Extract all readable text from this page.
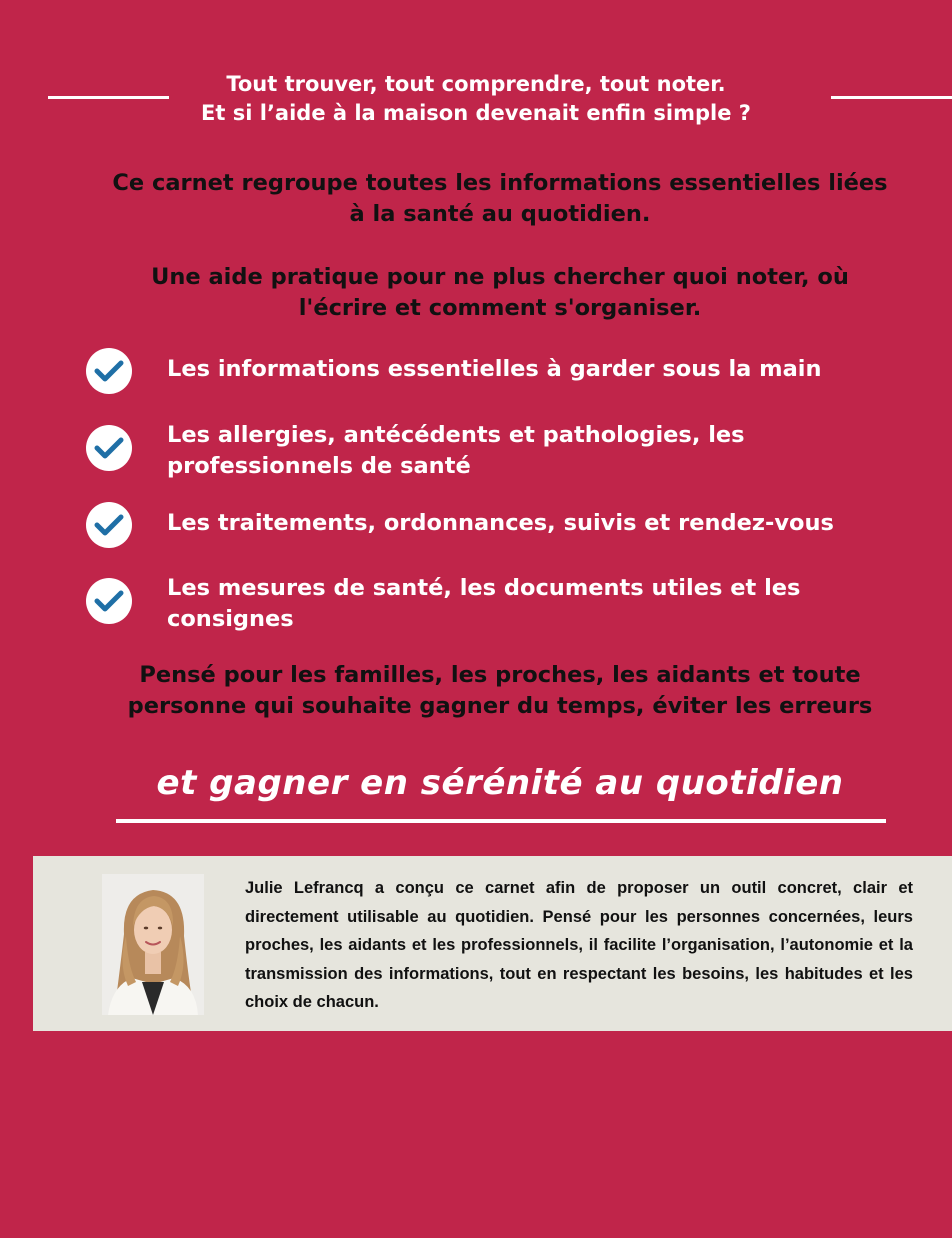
Tout trouver, tout comprendre, tout noter.
Et si l’aide à la maison devenait enfin simple ?
Ce carnet regroupe toutes les informations essentielles liées
à la santé au quotidien.
Une aide pratique pour ne plus chercher quoi noter, où
l'écrire et comment s'organiser.
Les informations essentielles à garder sous la main
Les allergies, antécédents et pathologies, les
professionnels de santé
Les traitements, ordonnances, suivis et rendez-vous
Les mesures de santé, les documents utiles et les
consignes
Pensé pour les familles, les proches, les aidants et toute
personne qui souhaite gagner du temps, éviter les erreurs
et gagner en sérénité au quotidien
Julie Lefrancq a conçu ce carnet afin de proposer un outil concret, clair et directement utilisable au quotidien. Pensé pour les personnes concernées, leurs proches, les aidants et les professionnels, il facilite l’organisation, l’autonomie et la transmission des informations, tout en respectant les besoins, les habitudes et les choix de chacun.
